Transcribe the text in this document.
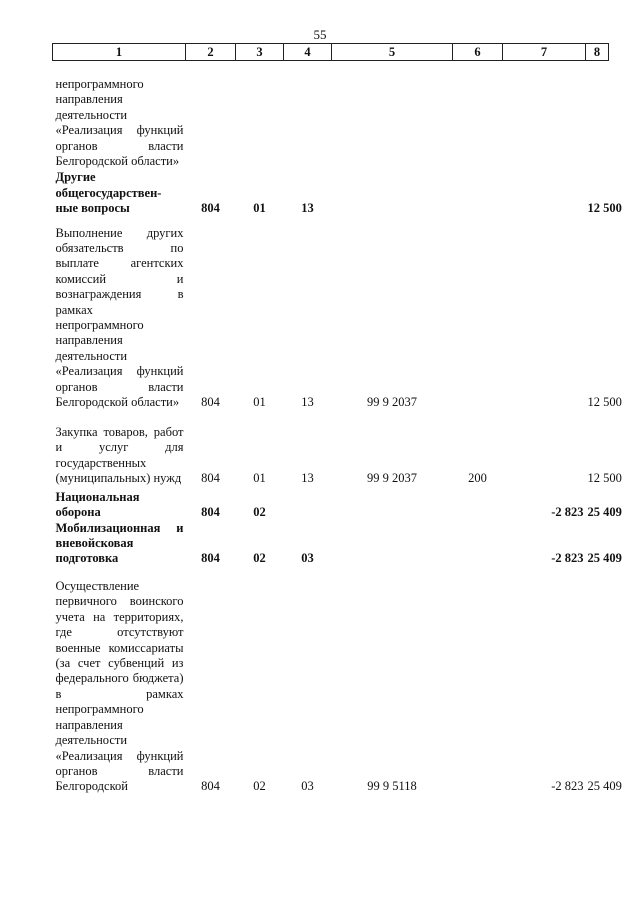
55
1	2	3	4	5	6	7	8
непрограммного направления деятельности «Реализация функций органов власти Белгородской области»							
Другие общегосударствен-ные вопросы	804	01	13				12 500
Выполнение других обязательств по выплате агентских комиссий и вознаграждения в рамках непрограммного направления деятельности «Реализация функций органов власти Белгородской области»	804	01	13	99 9 2037			12 500
Закупка товаров, работ и услуг для государственных (муниципальных) нужд	804	01	13	99 9 2037	200		12 500
Национальная оборона	804	02				-2 823	25 409
Мобилизационная и вневойсковая подготовка	804	02	03			-2 823	25 409
Осуществление первичного воинского учета на территориях, где отсутствуют военные комиссариаты (за счет субвенций из федерального бюджета) в рамках непрограммного направления деятельности «Реализация функций органов власти Белгородской	804	02	03	99 9 5118		-2 823	25 409
